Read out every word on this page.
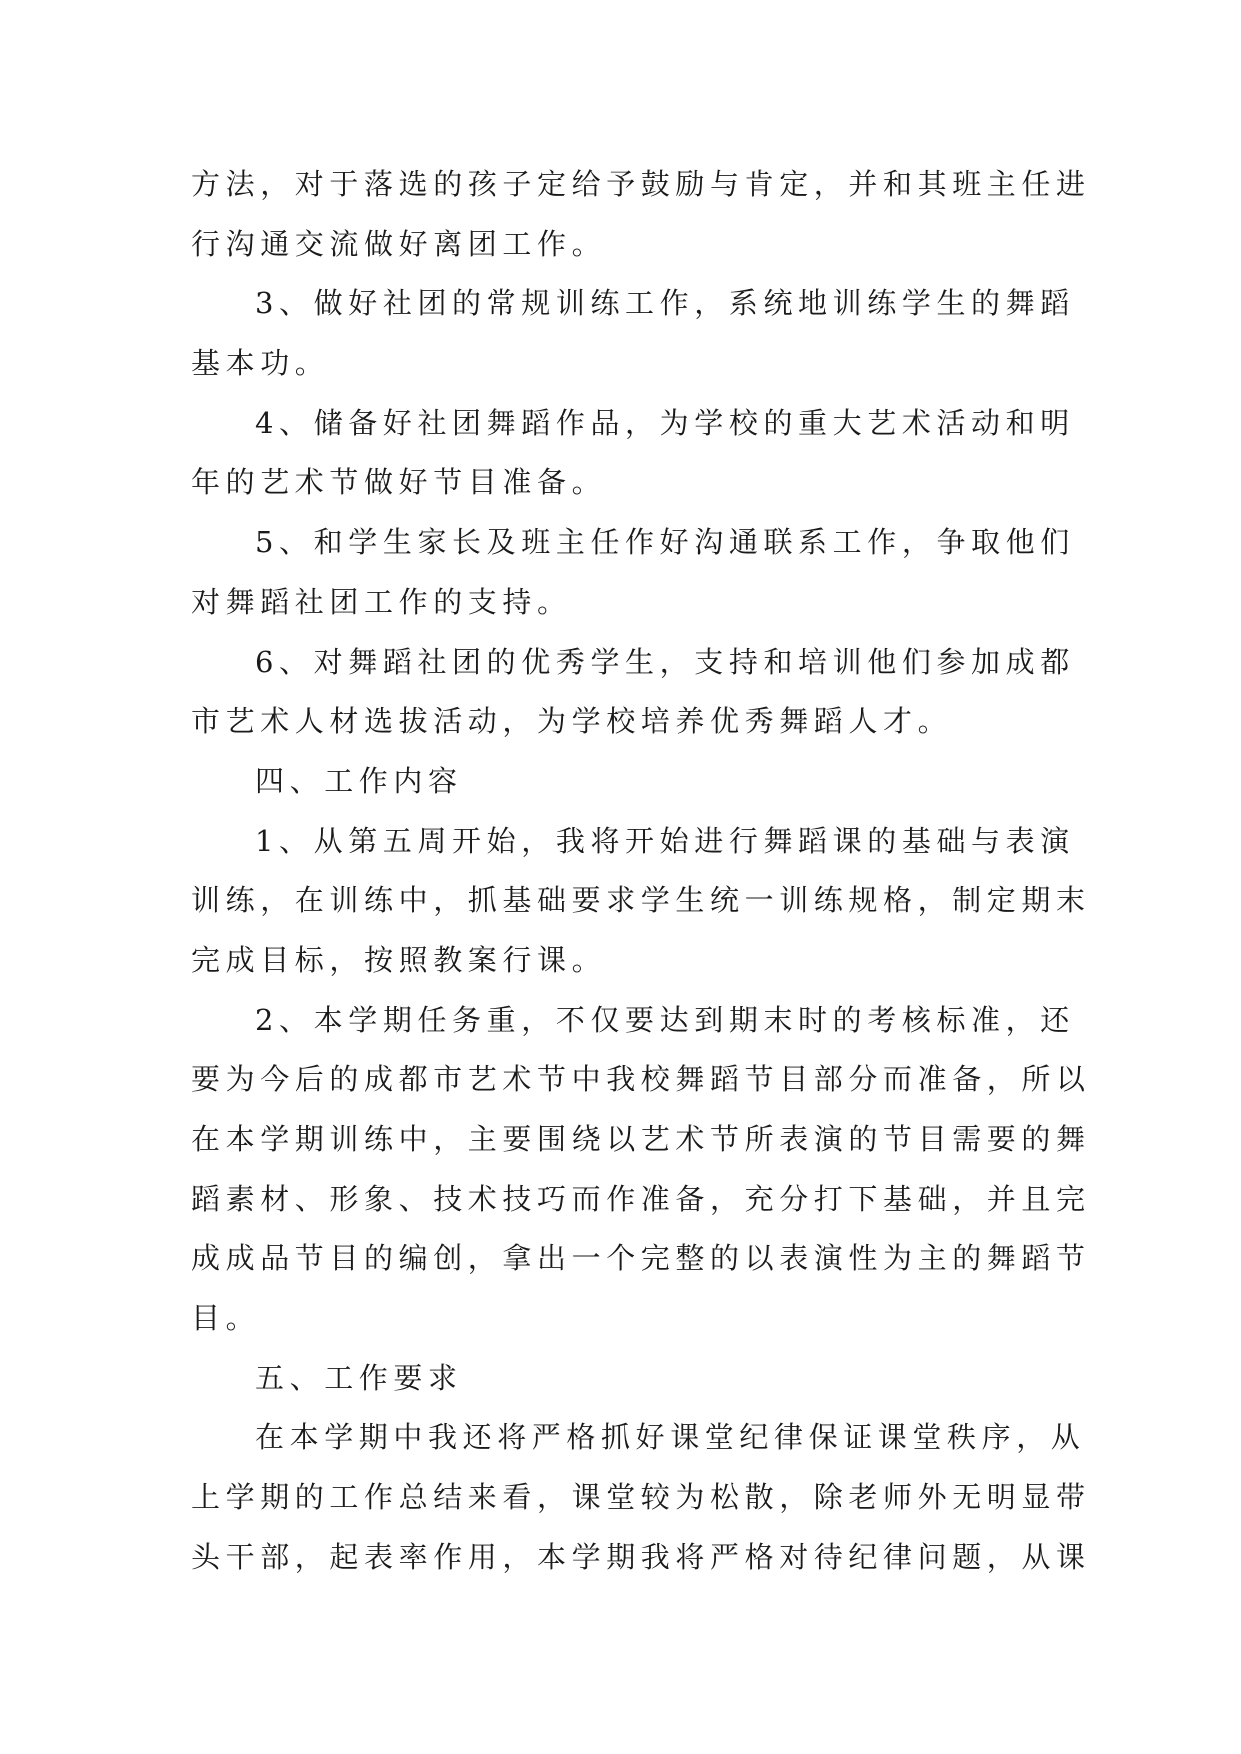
方法，对于落选的孩子定给予鼓励与肯定，并和其班主任进
行沟通交流做好离团工作。
3、做好社团的常规训练工作，系统地训练学生的舞蹈
基本功。
4、储备好社团舞蹈作品，为学校的重大艺术活动和明
年的艺术节做好节目准备。
5、和学生家长及班主任作好沟通联系工作，争取他们
对舞蹈社团工作的支持。
6、对舞蹈社团的优秀学生，支持和培训他们参加成都
市艺术人材选拔活动，为学校培养优秀舞蹈人才。
四、工作内容
1、从第五周开始，我将开始进行舞蹈课的基础与表演
训练，在训练中，抓基础要求学生统一训练规格，制定期末
完成目标，按照教案行课。
2、本学期任务重，不仅要达到期末时的考核标准，还
要为今后的成都市艺术节中我校舞蹈节目部分而准备，所以
在本学期训练中，主要围绕以艺术节所表演的节目需要的舞
蹈素材、形象、技术技巧而作准备，充分打下基础，并且完
成成品节目的编创，拿出一个完整的以表演性为主的舞蹈节
目。
五、工作要求
在本学期中我还将严格抓好课堂纪律保证课堂秩序，从
上学期的工作总结来看，课堂较为松散，除老师外无明显带
头干部，起表率作用，本学期我将严格对待纪律问题，从课
